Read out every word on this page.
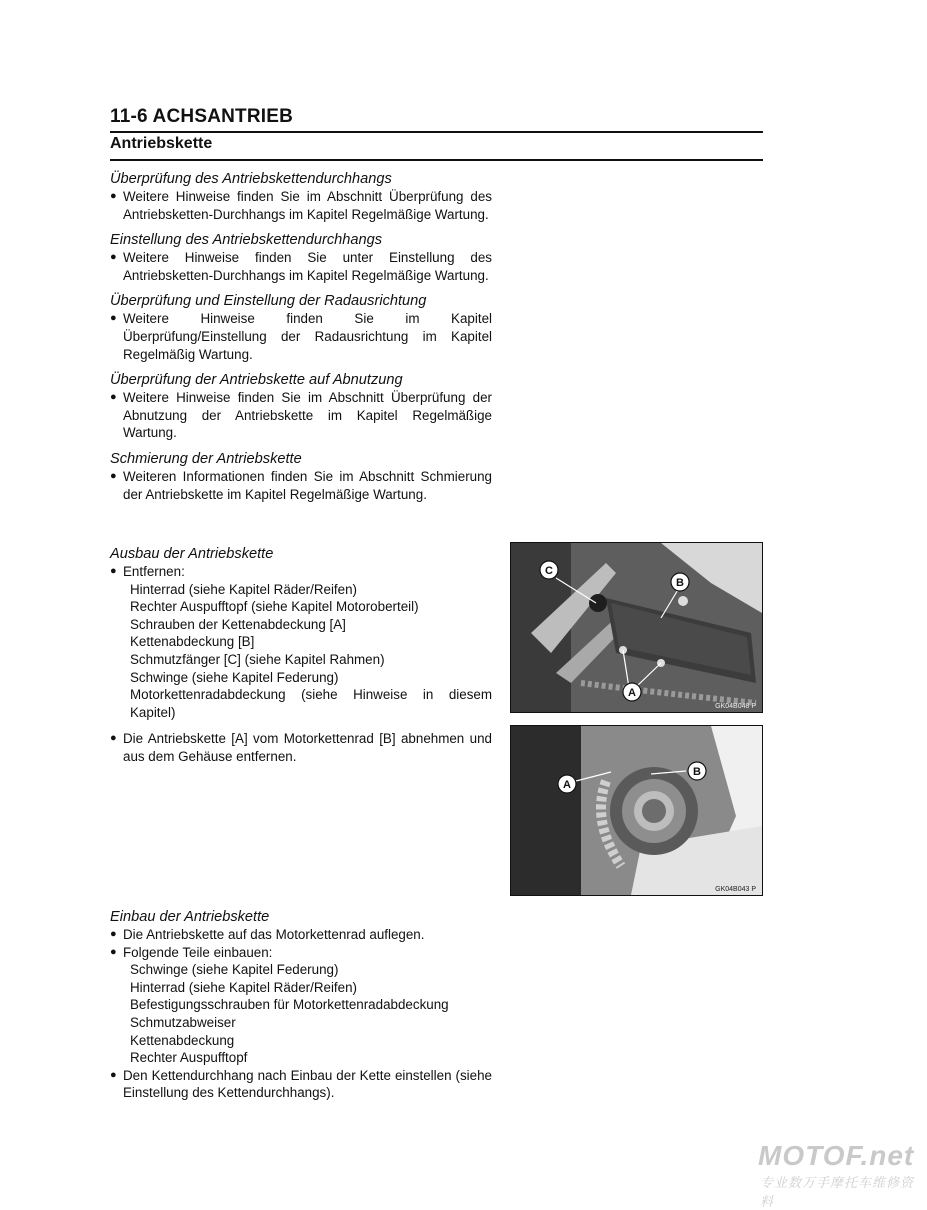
11-6 ACHSANTRIEB
Antriebskette
Überprüfung des Antriebskettendurchhangs
● Weitere Hinweise finden Sie im Abschnitt Überprüfung des Antriebsketten-Durchhangs im Kapitel Regelmäßige Wartung.
Einstellung des Antriebskettendurchhangs
● Weitere Hinweise finden Sie unter Einstellung des Antriebsketten-Durchhangs im Kapitel Regelmäßige Wartung.
Überprüfung und Einstellung der Radausrichtung
● Weitere Hinweise finden Sie im Kapitel Überprüfung/Einstellung der Radausrichtung im Kapitel Regelmäßig Wartung.
Überprüfung der Antriebskette auf Abnutzung
● Weitere Hinweise finden Sie im Abschnitt Überprüfung der Abnutzung der Antriebskette im Kapitel Regelmäßige Wartung.
Schmierung der Antriebskette
● Weiteren Informationen finden Sie im Abschnitt Schmierung der Antriebskette im Kapitel Regelmäßige Wartung.
Ausbau der Antriebskette
● Entfernen:
Hinterrad (siehe Kapitel Räder/Reifen)
Rechter Auspufftopf (siehe Kapitel Motoroberteil)
Schrauben der Kettenabdeckung [A]
Kettenabdeckung [B]
Schmutzfänger [C] (siehe Kapitel Rahmen)
Schwinge (siehe Kapitel Federung)
Motorkettenradabdeckung (siehe Hinweise in diesem Kapitel)
● Die Antriebskette [A] vom Motorkettenrad [B] abnehmen und aus dem Gehäuse entfernen.
Einbau der Antriebskette
● Die Antriebskette auf das Motorkettenrad auflegen.
● Folgende Teile einbauen:
Schwinge (siehe Kapitel Federung)
Hinterrad (siehe Kapitel Räder/Reifen)
Befestigungsschrauben für Motorkettenradabdeckung
Schmutzabweiser
Kettenabdeckung
Rechter Auspufftopf
● Den Kettendurchhang nach Einbau der Kette einstellen (siehe Einstellung des Kettendurchhangs).
C
B
A
GK04B048 P
A
B
GK04B043 P
MOTOF.net
专业数万手摩托车维修资料
